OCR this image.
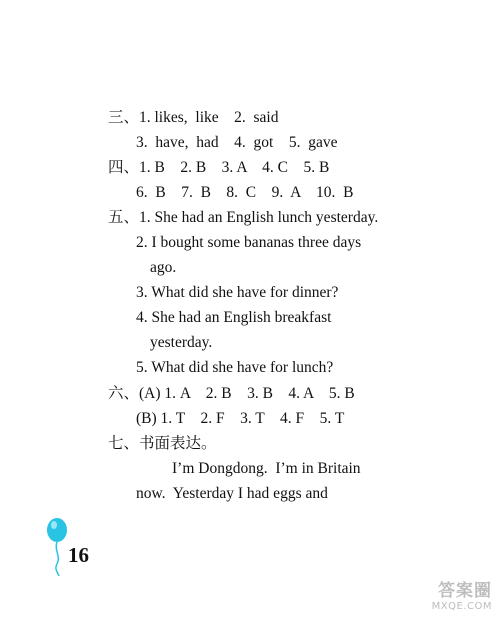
三、1. likes,  like    2.  said
3.  have,  had    4.  got    5.  gave
四、1. B    2. B    3. A    4. C    5. B
6.  B    7.  B    8.  C    9.  A    10.  B
五、1. She had an English lunch yesterday.
2. I bought some bananas three days
ago.
3. What did she have for dinner?
4. She had an English breakfast
yesterday.
5. What did she have for lunch?
六、(A) 1. A    2. B    3. B    4. A    5. B
(B) 1. T    2. F    3. T    4. F    5. T
七、书面表达。
I’m Dongdong.  I’m in Britain
now.  Yesterday I had eggs and
16
答案圈
MXQE.COM
